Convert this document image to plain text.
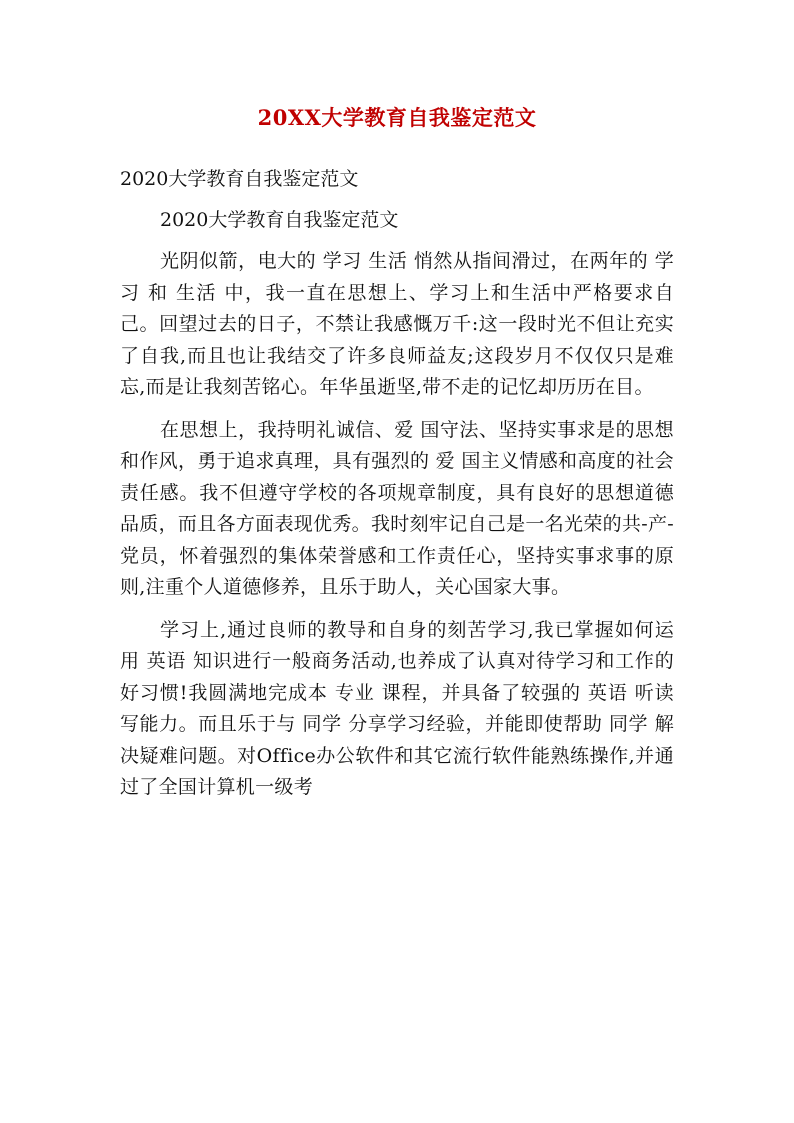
20XX大学教育自我鉴定范文
2020大学教育自我鉴定范文
2020大学教育自我鉴定范文

光阴似箭，电大的 学习 生活 悄然从指间滑过，在两年的 学习 和 生活 中，我一直在思想上、学习上和生活中严格要求自己。回望过去的日子，不禁让我感慨万千:这一段时光不但让充实了自我,而且也让我结交了许多良师益友;这段岁月不仅仅只是难忘,而是让我刻苦铭心。年华虽逝坚,带不走的记忆却历历在目。

在思想上，我持明礼诚信、爱 国守法、坚持实事求是的思想和作风，勇于追求真理，具有强烈的 爱 国主义情感和高度的社会责任感。我不但遵守学校的各项规章制度，具有良好的思想道德品质，而且各方面表现优秀。我时刻牢记自己是一名光荣的共-产-党员，怀着强烈的集体荣誉感和工作责任心，坚持实事求事的原则,注重个人道德修养，且乐于助人，关心国家大事。

学习上,通过良师的教导和自身的刻苦学习,我已掌握如何运用 英语 知识进行一般商务活动,也养成了认真对待学习和工作的好习惯!我圆满地完成本 专业 课程，并具备了较强的 英语 听读写能力。而且乐于与 同学 分享学习经验，并能即使帮助 同学 解决疑难问题。对Office办公软件和其它流行软件能熟练操作,并通过了全国计算机一级考
